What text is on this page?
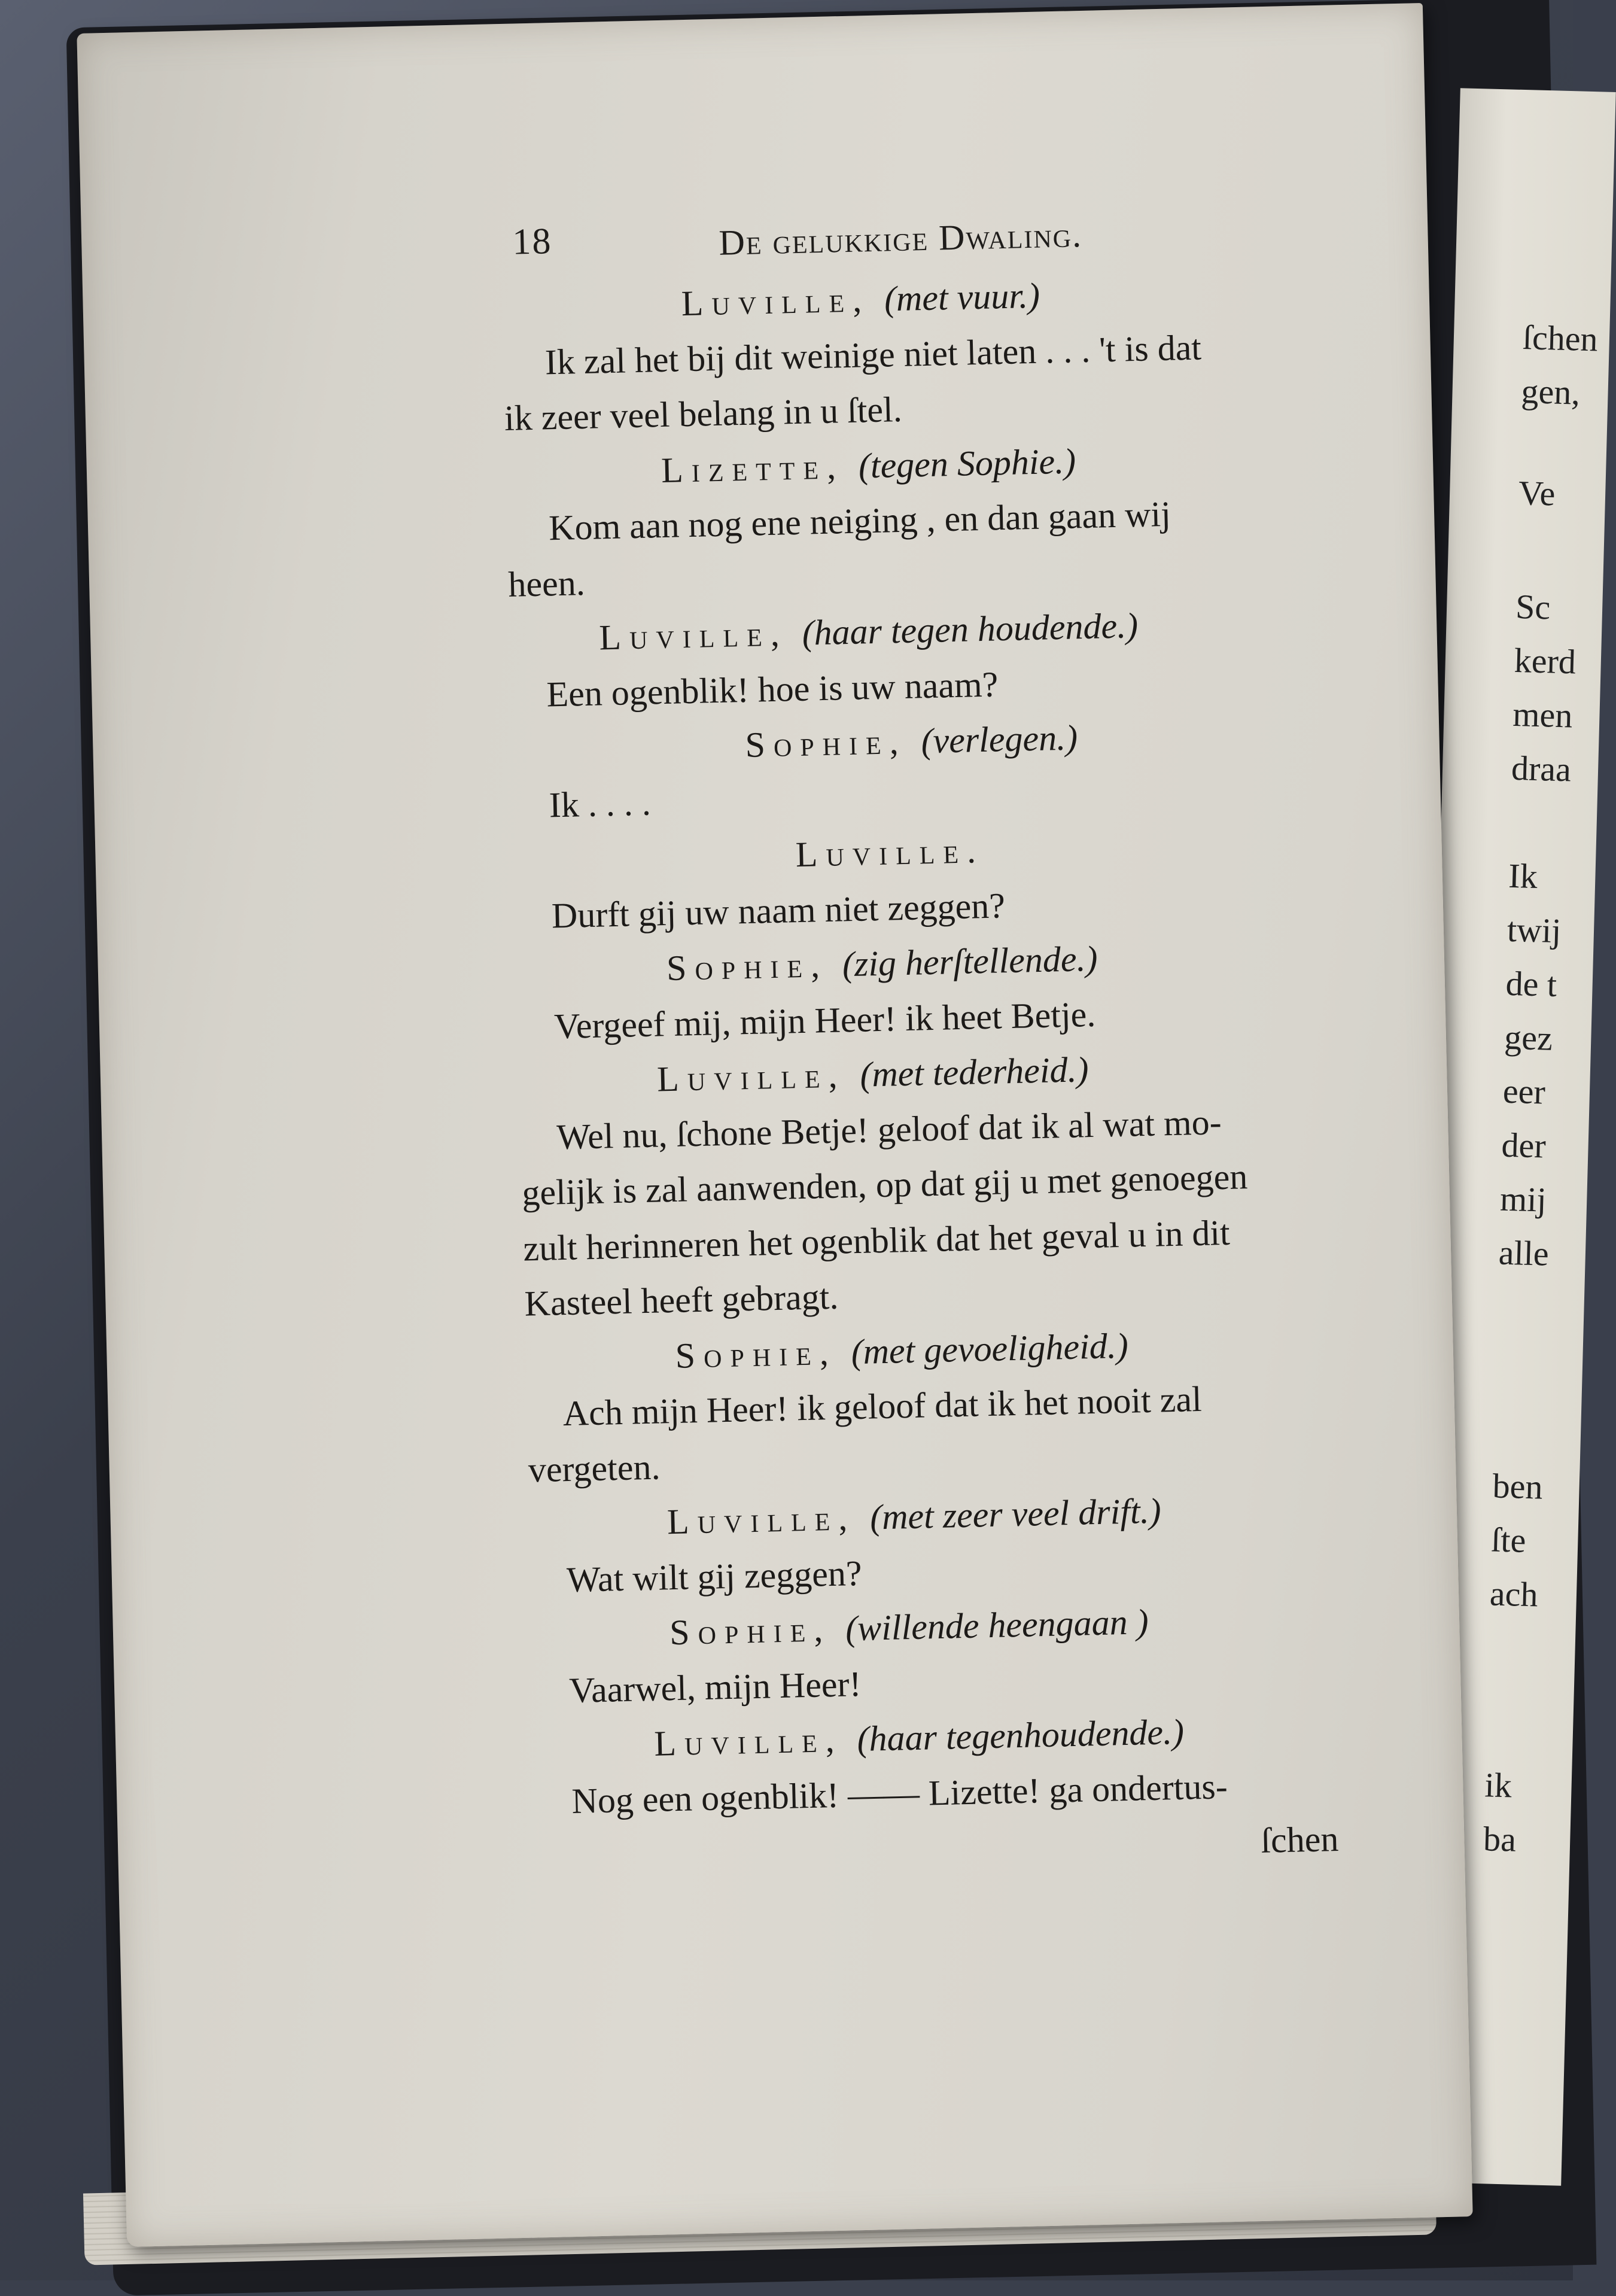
ſchen
gen,
Ve
Sc
kerd
men
draa
Ik
twij
de t
gez
eer
der
mij
alle
ben
ſte
ach
ik
ba
18	De gelukkige Dwaling.
Luville, (met vuur.)
Ik zal het bij dit weinige niet laten . . . 't is dat
ik zeer veel belang in u ſtel.
Lizette, (tegen Sophie.)
Kom aan nog ene neiging , en dan gaan wij
heen.
Luville, (haar tegen houdende.)
Een ogenblik! hoe is uw naam?
Sophie, (verlegen.)
Ik . . . .
Luville.
Durft gij uw naam niet zeggen?
Sophie, (zig herſtellende.)
Vergeef mij, mijn Heer! ik heet Betje.
Luville, (met tederheid.)
Wel nu, ſchone Betje! geloof dat ik al wat mo-
gelijk is zal aanwenden, op dat gij u met genoegen
zult herinneren het ogenblik dat het geval u in dit
Kasteel heeft gebragt.
Sophie, (met gevoeligheid.)
Ach mijn Heer! ik geloof dat ik het nooit zal
vergeten.
Luville, (met zeer veel drift.)
Wat wilt gij zeggen?
Sophie, (willende heengaan )
Vaarwel, mijn Heer!
Luville, (haar tegenhoudende.)
Nog een ogenblik! —— Lizette! ga ondertus-
ſchen
